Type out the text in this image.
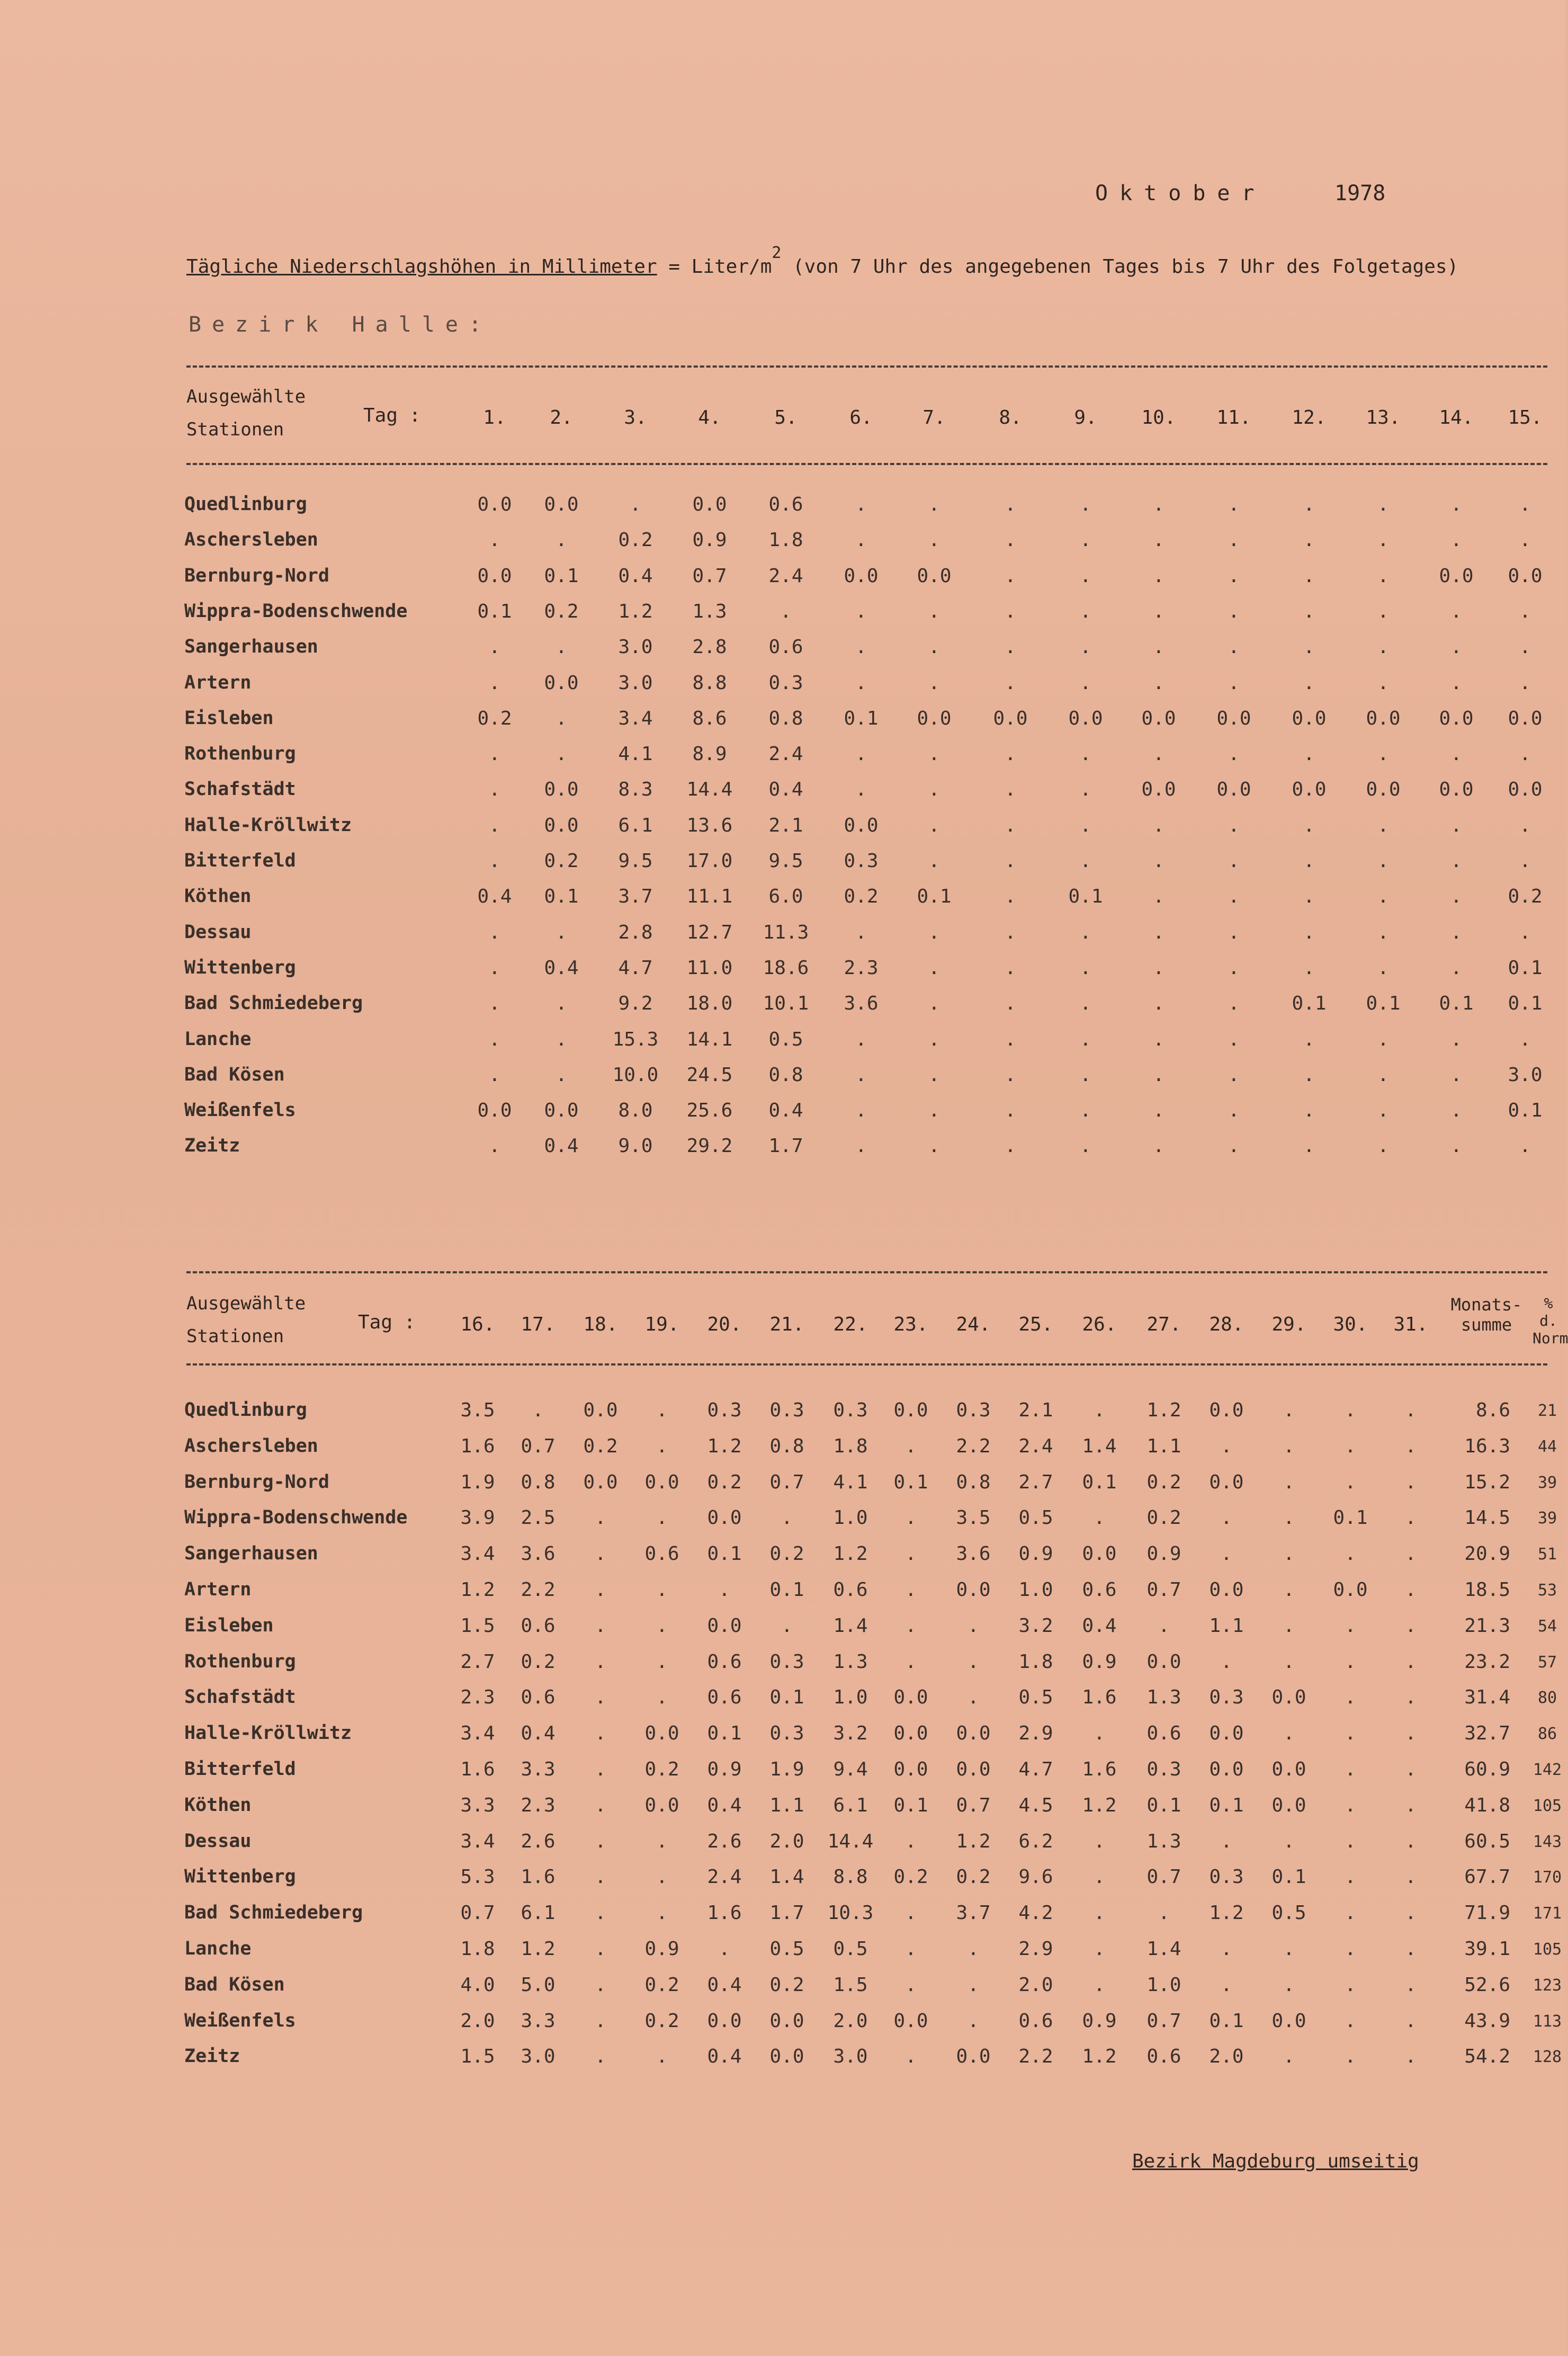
Oktober	1978
Tägliche Niederschlagshöhen in Millimeter = Liter/$m^2$ (von 7 Uhr des angegebenen Tages bis 7 Uhr des Folgetages)
Bezirk Halle:
Ausgewählte
Stationen
Tag :	1.	2.	3.	4.	5.	6.	7.	8.	9.	10.	11.	12.	13.	14.	15.
Quedlinburg	0.0	0.0	.	0.0	0.6	.	.	.	.	.	.	.	.	.	.
Aschersleben	.	.	0.2	0.9	1.8	.	.	.	.	.	.	.	.	.	.
Bernburg-Nord	0.0	0.1	0.4	0.7	2.4	0.0	0.0	.	.	.	.	.	.	0.0	0.0
Wippra-Bodenschwende	0.1	0.2	1.2	1.3	.	.	.	.	.	.	.	.	.	.	.
Sangerhausen	.	.	3.0	2.8	0.6	.	.	.	.	.	.	.	.	.	.
Artern	.	0.0	3.0	8.8	0.3	.	.	.	.	.	.	.	.	.	.
Eisleben	0.2	.	3.4	8.6	0.8	0.1	0.0	0.0	0.0	0.0	0.0	0.0	0.0	0.0	0.0
Rothenburg	.	.	4.1	8.9	2.4	.	.	.	.	.	.	.	.	.	.
Schafstädt	.	0.0	8.3	14.4	0.4	.	.	.	.	0.0	0.0	0.0	0.0	0.0	0.0
Halle-Kröllwitz	.	0.0	6.1	13.6	2.1	0.0	.	.	.	.	.	.	.	.	.
Bitterfeld	.	0.2	9.5	17.0	9.5	0.3	.	.	.	.	.	.	.	.	.
Köthen	0.4	0.1	3.7	11.1	6.0	0.2	0.1	.	0.1	.	.	.	.	.	0.2
Dessau	.	.	2.8	12.7	11.3	.	.	.	.	.	.	.	.	.	.
Wittenberg	.	0.4	4.7	11.0	18.6	2.3	.	.	.	.	.	.	.	.	0.1
Bad Schmiedeberg	.	.	9.2	18.0	10.1	3.6	.	.	.	.	.	0.1	0.1	0.1	0.1
Lanche	.	.	15.3	14.1	0.5	.	.	.	.	.	.	.	.	.	.
Bad Kösen	.	.	10.0	24.5	0.8	.	.	.	.	.	.	.	.	.	3.0
Weißenfels	0.0	0.0	8.0	25.6	0.4	.	.	.	.	.	.	.	.	.	0.1
Zeitz	.	0.4	9.0	29.2	1.7	.	.	.	.	.	.	.	.	.	.
Ausgewählte
Stationen
Tag :	16.	17.	18.	19.	20.	21.	22.	23.	24.	25.	26.	27.	28.	29.	30.	31.
Monats-
summe
% d.
Norm
Quedlinburg	3.5	.	0.0	.	0.3	0.3	0.3	0.0	0.3	2.1	.	1.2	0.0	.	.	.	8.6	21
Aschersleben	1.6	0.7	0.2	.	1.2	0.8	1.8	.	2.2	2.4	1.4	1.1	.	.	.	.	16.3	44
Bernburg-Nord	1.9	0.8	0.0	0.0	0.2	0.7	4.1	0.1	0.8	2.7	0.1	0.2	0.0	.	.	.	15.2	39
Wippra-Bodenschwende	3.9	2.5	.	.	0.0	.	1.0	.	3.5	0.5	.	0.2	.	.	0.1	.	14.5	39
Sangerhausen	3.4	3.6	.	0.6	0.1	0.2	1.2	.	3.6	0.9	0.0	0.9	.	.	.	.	20.9	51
Artern	1.2	2.2	.	.	.	0.1	0.6	.	0.0	1.0	0.6	0.7	0.0	.	0.0	.	18.5	53
Eisleben	1.5	0.6	.	.	0.0	.	1.4	.	.	3.2	0.4	.	1.1	.	.	.	21.3	54
Rothenburg	2.7	0.2	.	.	0.6	0.3	1.3	.	.	1.8	0.9	0.0	.	.	.	.	23.2	57
Schafstädt	2.3	0.6	.	.	0.6	0.1	1.0	0.0	.	0.5	1.6	1.3	0.3	0.0	.	.	31.4	80
Halle-Kröllwitz	3.4	0.4	.	0.0	0.1	0.3	3.2	0.0	0.0	2.9	.	0.6	0.0	.	.	.	32.7	86
Bitterfeld	1.6	3.3	.	0.2	0.9	1.9	9.4	0.0	0.0	4.7	1.6	0.3	0.0	0.0	.	.	60.9 142
Köthen	3.3	2.3	.	0.0	0.4	1.1	6.1	0.1	0.7	4.5	1.2	0.1	0.1	0.0	.	.	41.8 105
Dessau	3.4	2.6	.	.	2.6	2.0	14.4	.	1.2	6.2	.	1.3	.	.	.	.	60.5 143
Wittenberg	5.3	1.6	.	.	2.4	1.4	8.8	0.2	0.2	9.6	.	0.7	0.3	0.1	.	.	67.7 170
Bad Schmiedeberg	0.7	6.1	.	.	1.6	1.7	10.3	.	3.7	4.2	.	.	1.2	0.5	.	.	71.9 171
Lanche	1.8	1.2	.	0.9	.	0.5	0.5	.	.	2.9	.	1.4	.	.	.	.	39.1 105
Bad Kösen	4.0	5.0	.	0.2	0.4	0.2	1.5	.	.	2.0	.	1.0	.	.	.	.	52.6 123
Weißenfels	2.0	3.3	.	0.2	0.0	0.0	2.0	0.0	.	0.6	0.9	0.7	0.1	0.0	.	.	43.9 113
Zeitz	1.5	3.0	.	.	0.4	0.0	3.0	.	0.0	2.2	1.2	0.6	2.0	.	.	.	54.2 128
Bezirk Magdeburg umseitig
